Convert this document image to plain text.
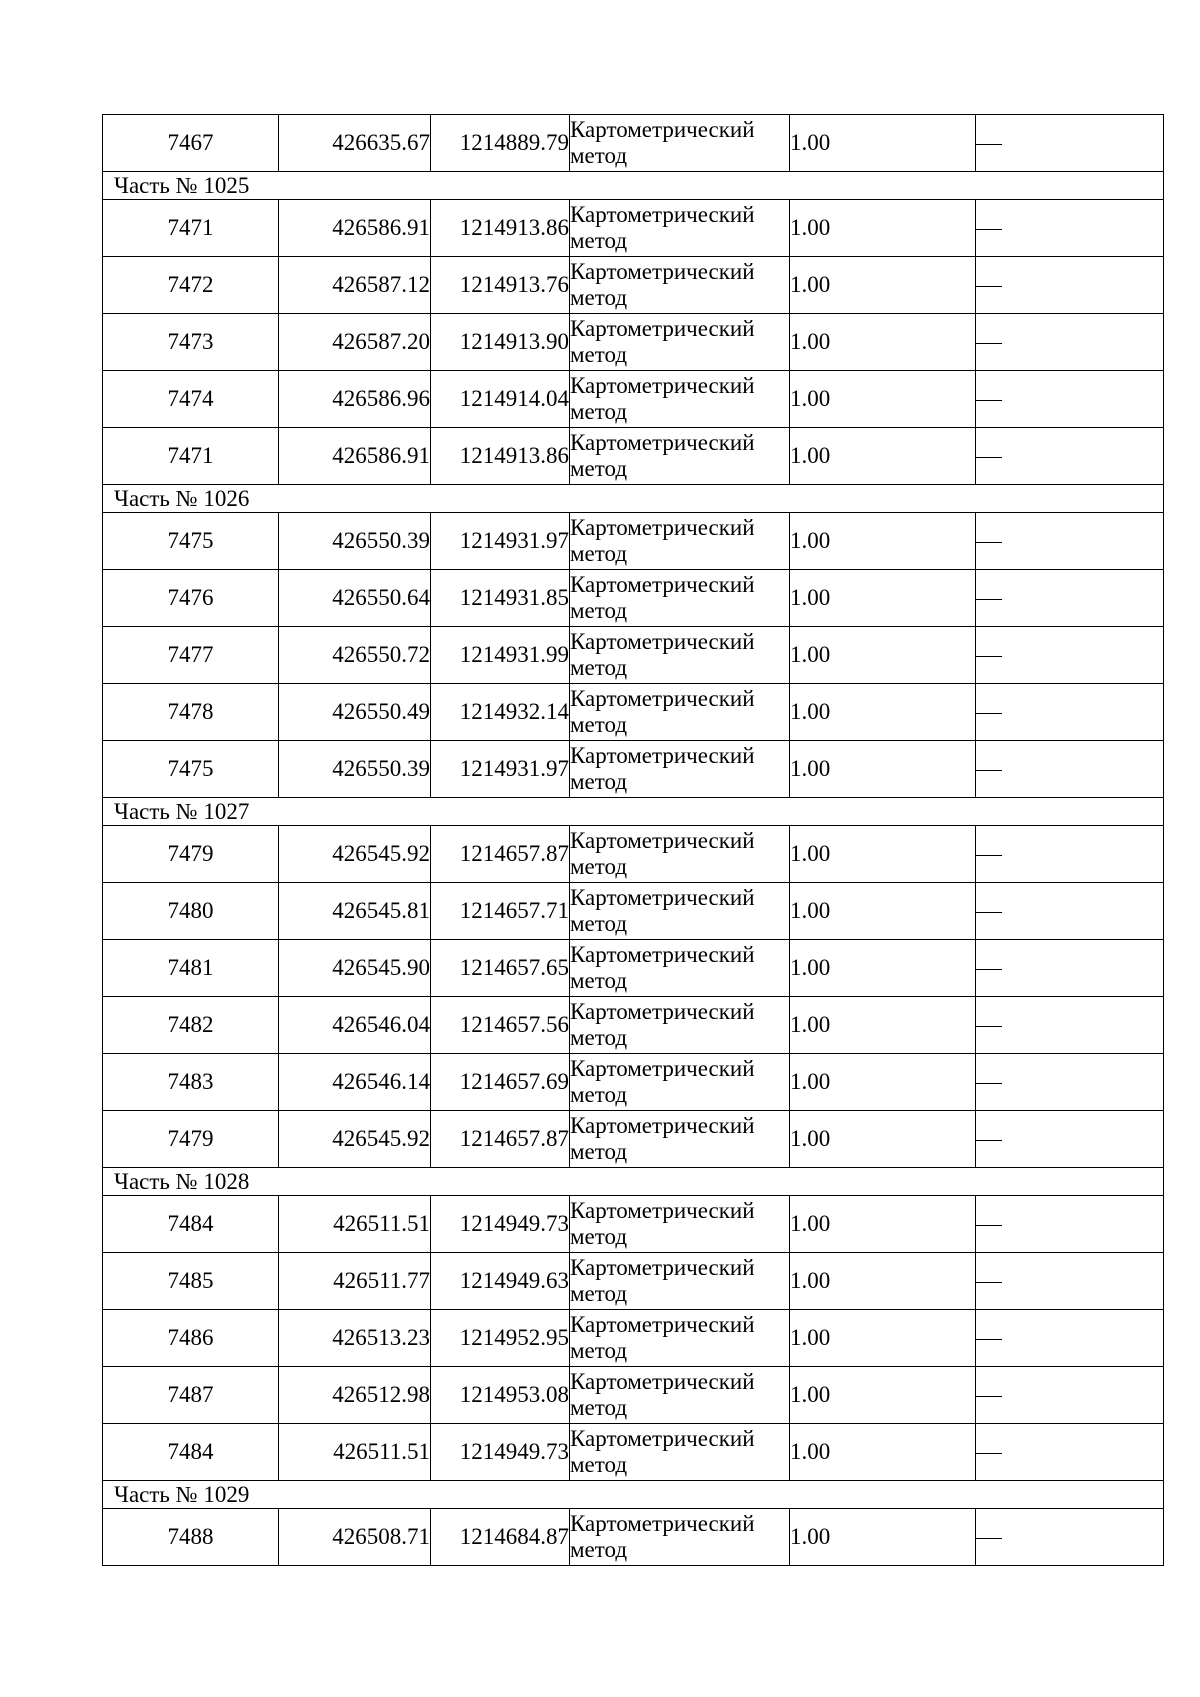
7467	426635.67	1214889.79	Картометрический
метод	1.00	

Часть № 1025					
7471	426586.91	1214913.86	Картометрический
метод	1.00	

7472	426587.12	1214913.76	Картометрический
метод	1.00	

7473	426587.20	1214913.90	Картометрический
метод	1.00	

7474	426586.96	1214914.04	Картометрический
метод	1.00	

7471	426586.91	1214913.86	Картометрический
метод	1.00	

Часть № 1026					
7475	426550.39	1214931.97	Картометрический
метод	1.00	

7476	426550.64	1214931.85	Картометрический
метод	1.00	

7477	426550.72	1214931.99	Картометрический
метод	1.00	

7478	426550.49	1214932.14	Картометрический
метод	1.00	

7475	426550.39	1214931.97	Картометрический
метод	1.00	

Часть № 1027					
7479	426545.92	1214657.87	Картометрический
метод	1.00	

7480	426545.81	1214657.71	Картометрический
метод	1.00	

7481	426545.90	1214657.65	Картометрический
метод	1.00	

7482	426546.04	1214657.56	Картометрический
метод	1.00	

7483	426546.14	1214657.69	Картометрический
метод	1.00	

7479	426545.92	1214657.87	Картометрический
метод	1.00	

Часть № 1028					
7484	426511.51	1214949.73	Картометрический
метод	1.00	

7485	426511.77	1214949.63	Картометрический
метод	1.00	

7486	426513.23	1214952.95	Картометрический
метод	1.00	

7487	426512.98	1214953.08	Картометрический
метод	1.00	

7484	426511.51	1214949.73	Картометрический
метод	1.00	

Часть № 1029					
7488	426508.71	1214684.87	Картометрический
метод	1.00	
